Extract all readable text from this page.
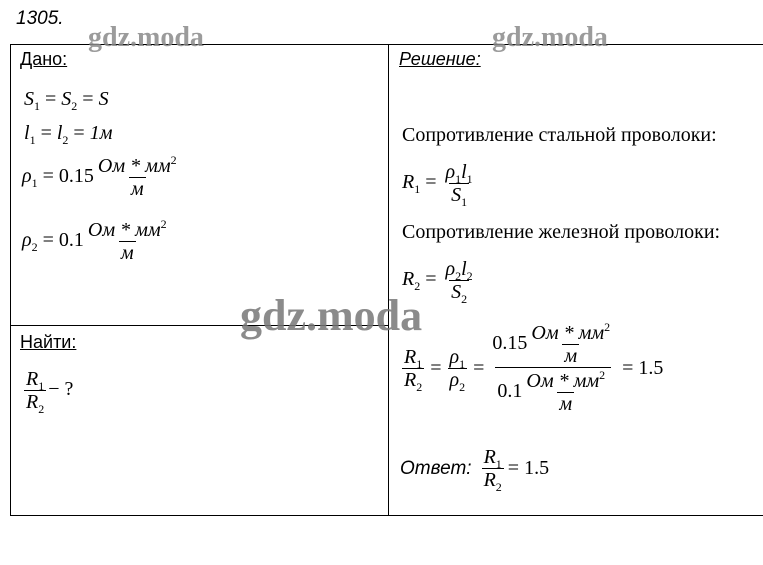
1305.
gdz.moda	gdz.moda
gdz.moda
Дано:
$S_1 = S_2 = S$
$l_1 = l_2 = 1м$
$\rho_1 = 0.15 \frac{Ом * мм^2}{м}$
$\rho_2 = 0.1 \frac{Ом * мм^2}{м}$
Найти:
$\frac{R_1}{R_2}$ − ?
Решение:
Сопротивление стальной проволоки:
$R_1 = \frac{\rho_1l_1}{S_1}$
Сопротивление железной проволоки:
$R_2 = \frac{\rho_2l_2}{S_2}$
$\frac{R_1}{R_2} = \frac{\rho_1}{\rho_2} = \frac{0.15 \frac{Ом * мм^2}{м}}{0.1 \frac{Ом * мм^2}{м}} = 1.5$
Ответ: $\frac{R_1}{R_2} = 1.5$
